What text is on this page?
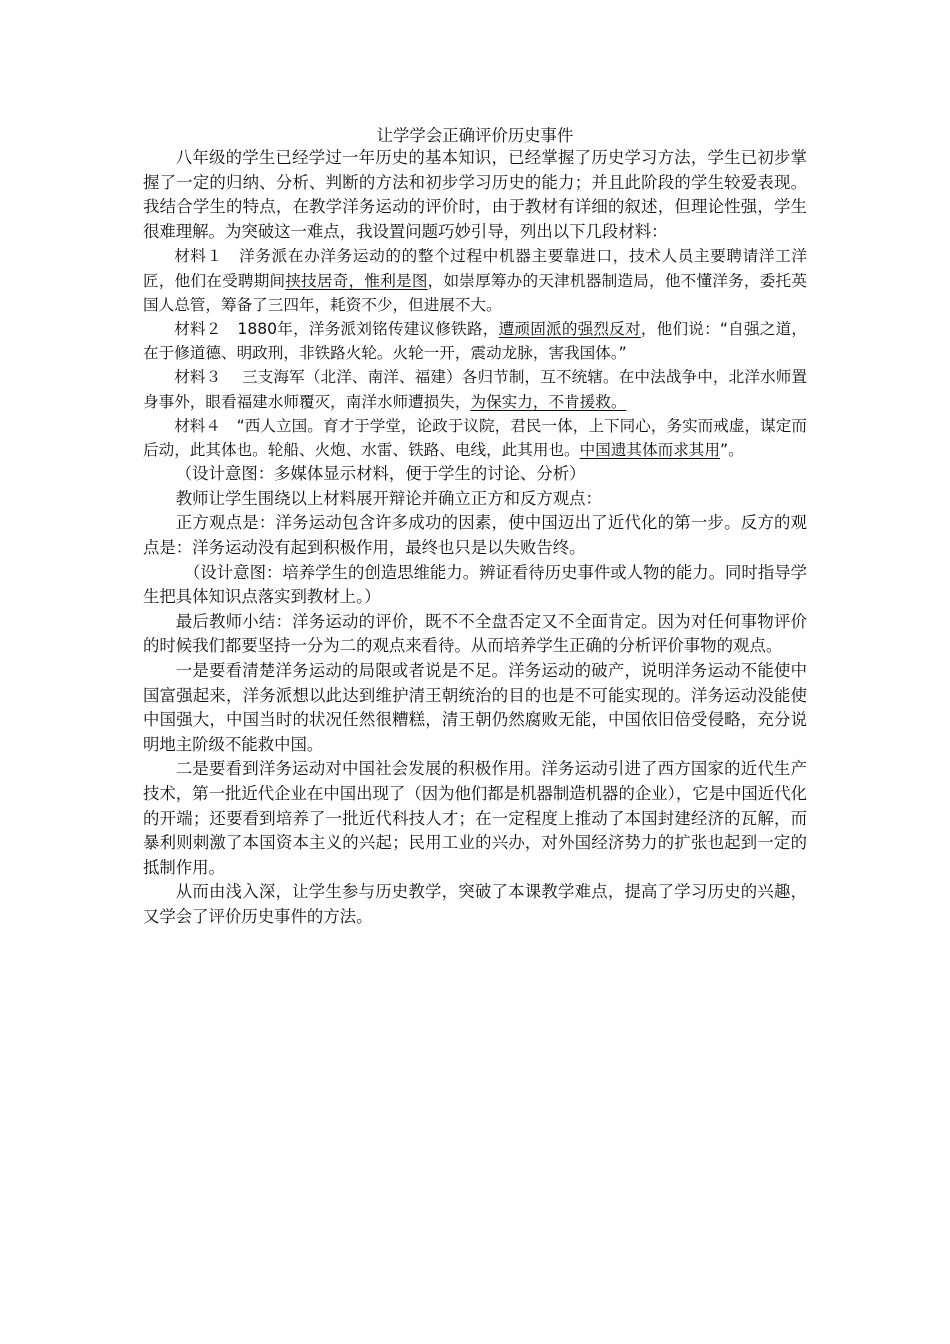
让学学会正确评价历史事件

八年级的学生已经学过一年历史的基本知识，已经掌握了历史学习方法，学生已初步掌握了一定的归纳、分析、判断的方法和初步学习历史的能力；并且此阶段的学生较爱表现。我结合学生的特点，在教学洋务运动的评价时，由于教材有详细的叙述，但理论性强，学生很难理解。为突破这一难点，我设置问题巧妙引导，列出以下几段材料：

材料１　洋务派在办洋务运动的的整个过程中机器主要靠进口，技术人员主要聘请洋工洋匠，他们在受聘期间挟技居奇，惟利是图，如崇厚筹办的天津机器制造局，他不懂洋务，委托英国人总管，筹备了三四年，耗资不少，但进展不大。

材料２　1880年，洋务派刘铭传建议修铁路，遭顽固派的强烈反对，他们说：“自强之道，在于修道德、明政刑，非铁路火轮。火轮一开，震动龙脉，害我国体。”

材料３　 三支海军（北洋、南洋、福建）各归节制，互不统辖。在中法战争中，北洋水师置身事外，眼看福建水师覆灭，南洋水师遭损失，为保实力，不肯援救。

材料４　“西人立国。育才于学堂，论政于议院，君民一体，上下同心，务实而戒虚，谋定而后动，此其体也。轮船、火炮、水雷、铁路、电线，此其用也。中国遗其体而求其用”。

（设计意图：多媒体显示材料，便于学生的讨论、分析）

教师让学生围绕以上材料展开辩论并确立正方和反方观点：

正方观点是：洋务运动包含许多成功的因素，使中国迈出了近代化的第一步。反方的观点是：洋务运动没有起到积极作用，最终也只是以失败告终。

（设计意图：培养学生的创造思维能力。辨证看待历史事件或人物的能力。同时指导学生把具体知识点落实到教材上。）

最后教师小结：洋务运动的评价，既不不全盘否定又不全面肯定。因为对任何事物评价的时候我们都要坚持一分为二的观点来看待。从而培养学生正确的分析评价事物的观点。

一是要看清楚洋务运动的局限或者说是不足。洋务运动的破产，说明洋务运动不能使中国富强起来，洋务派想以此达到维护清王朝统治的目的也是不可能实现的。洋务运动没能使中国强大，中国当时的状况任然很糟糕，清王朝仍然腐败无能，中国依旧倍受侵略，充分说明地主阶级不能救中国。

二是要看到洋务运动对中国社会发展的积极作用。洋务运动引进了西方国家的近代生产技术，第一批近代企业在中国出现了（因为他们都是机器制造机器的企业），它是中国近代化的开端；还要看到培养了一批近代科技人才；在一定程度上推动了本国封建经济的瓦解，而暴利则刺激了本国资本主义的兴起；民用工业的兴办，对外国经济势力的扩张也起到一定的抵制作用。

从而由浅入深，让学生参与历史教学，突破了本课教学难点，提高了学习历史的兴趣，又学会了评价历史事件的方法。
